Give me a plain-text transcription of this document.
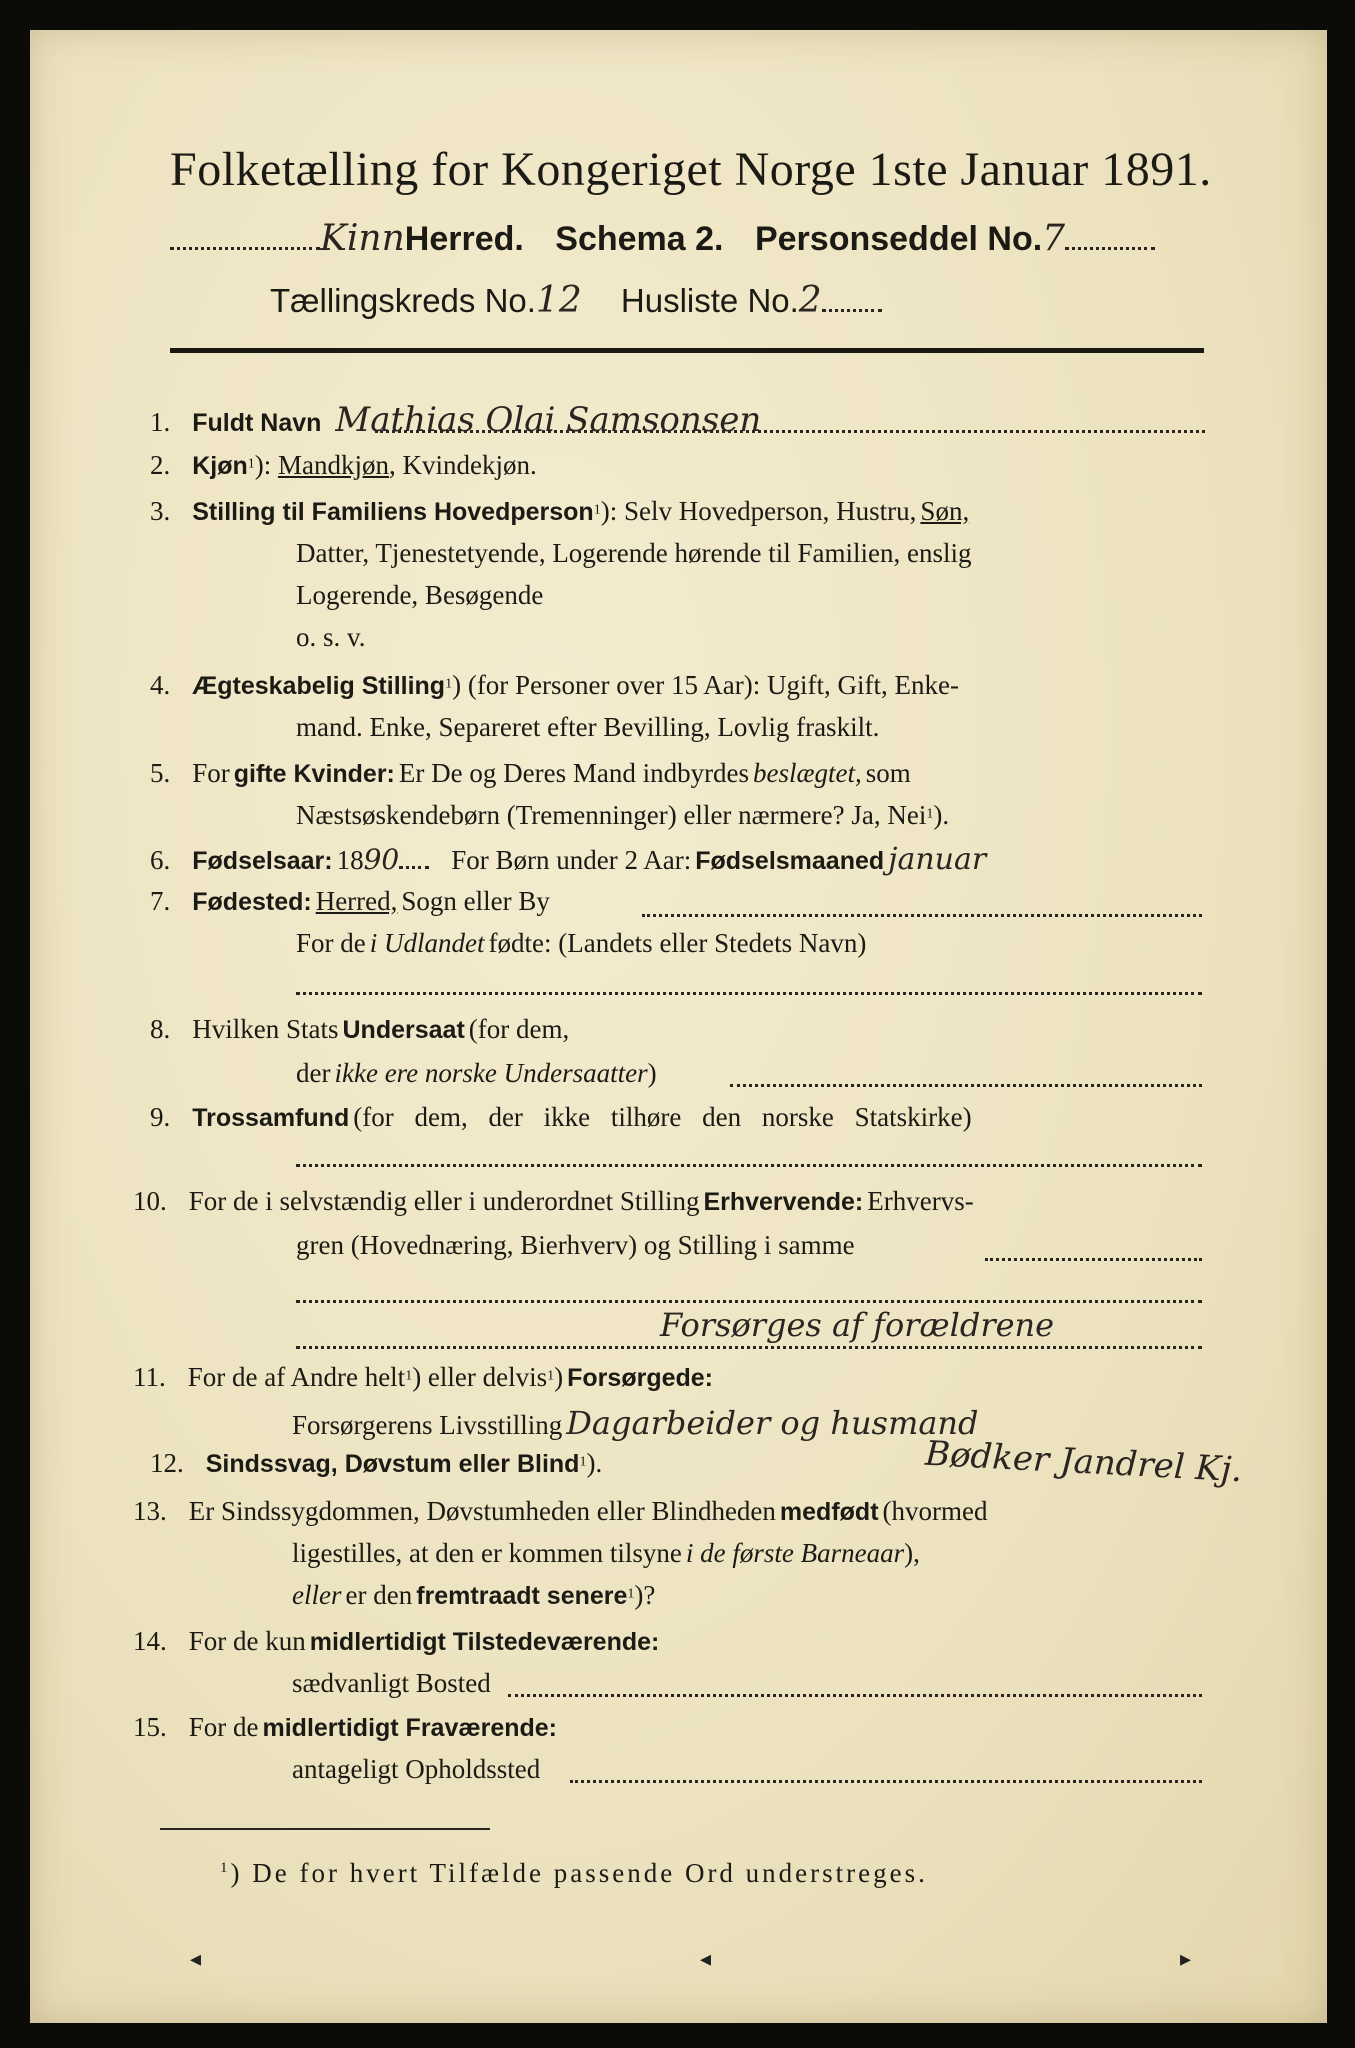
Folketælling for Kongeriget Norge 1ste Januar 1891.
KinnHerred. Schema 2. Personseddel No.7
Tællingskreds No.12 Husliste No.2
1. Fuldt Navn Mathias Olai Samsonsen
2. Kjøn$^1$): Mandkjøn, Kvindekjøn.
3. Stilling til Familiens Hovedperson$^1$): Selv Hovedperson, Hustru, Søn,
Datter, Tjenestetyende, Logerende hørende til Familien, enslig
Logerende, Besøgende
o. s. v.
4. Ægteskabelig Stilling$^1$) (for Personer over 15 Aar): Ugift, Gift, Enke-
mand. Enke, Separeret efter Bevilling, Lovlig fraskilt.
5. For gifte Kvinder: Er De og Deres Mand indbyrdes beslægtet, som
Næstsøskendebørn (Tremenninger) eller nærmere? Ja, Nei$^1$).
6. Fødselsaar: 1890 For Børn under 2 Aar: Fødselsmaaned januar
7. Fødested: Herred, Sogn eller By
For de i Udlandet fødte: (Landets eller Stedets Navn)
8. Hvilken Stats Undersaat (for dem,
der ikke ere norske Undersaatter)
9. Trossamfund (for dem, der ikke tilhøre den norske Statskirke)
10. For de i selvstændig eller i underordnet Stilling Erhvervende: Erhvervs-
gren (Hovednæring, Bierhverv) og Stilling i samme
Forsørges af forældrene
11. For de af Andre helt$^1$) eller delvis$^1$) Forsørgede:
Forsørgerens Livsstilling Dagarbeider og husmand
12. Sindssvag, Døvstum eller Blind$^1$).	Bødker Jandrel Kj.
13. Er Sindssygdommen, Døvstumheden eller Blindheden medfødt (hvormed
ligestilles, at den er kommen tilsyne i de første Barneaar),
eller er den fremtraadt senere$^1$)?
14. For de kun midlertidigt Tilstedeværende:
sædvanligt Bosted
15. For de midlertidigt Fraværende:
antageligt Opholdssted
$^1$) De for hvert Tilfælde passende Ord understreges.
◂	◂	▸
